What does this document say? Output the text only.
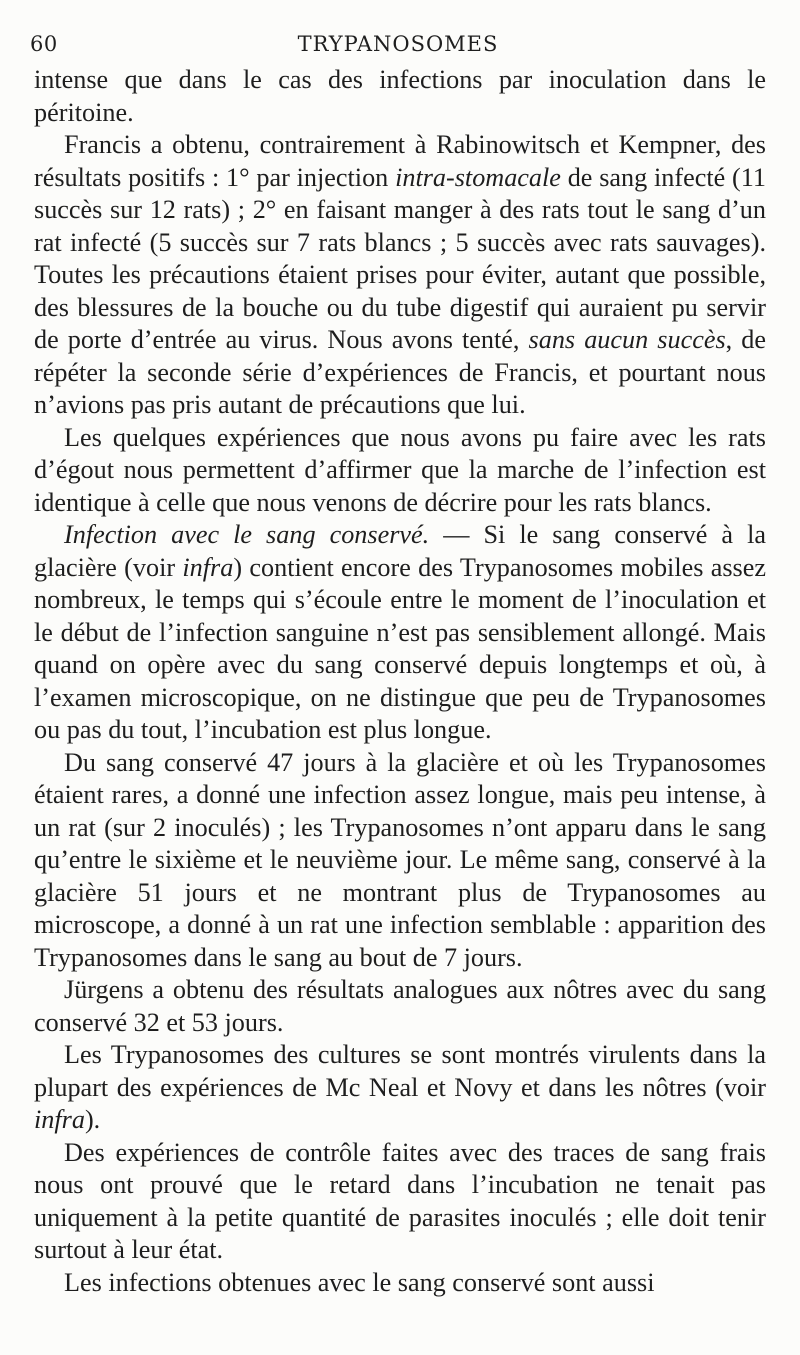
60	TRYPANOSOMES

intense que dans le cas des infections par inoculation dans le péritoine.

Francis a obtenu, contrairement à Rabinowitsch et Kempner, des résultats positifs : 1° par injection intra-stomacale de sang infecté (11 succès sur 12 rats) ; 2° en faisant manger à des rats tout le sang d’un rat infecté (5 succès sur 7 rats blancs ; 5 succès avec rats sauvages). Toutes les précautions étaient prises pour éviter, autant que possible, des blessures de la bouche ou du tube digestif qui auraient pu servir de porte d’entrée au virus. Nous avons tenté, sans aucun succès, de répéter la seconde série d’expériences de Francis, et pourtant nous n’avions pas pris autant de précautions que lui.

Les quelques expériences que nous avons pu faire avec les rats d’égout nous permettent d’affirmer que la marche de l’infection est identique à celle que nous venons de décrire pour les rats blancs.

Infection avec le sang conservé. — Si le sang conservé à la glacière (voir infra) contient encore des Trypanosomes mobiles assez nombreux, le temps qui s’écoule entre le moment de l’inoculation et le début de l’infection sanguine n’est pas sensiblement allongé. Mais quand on opère avec du sang conservé depuis longtemps et où, à l’examen microscopique, on ne distingue que peu de Trypanosomes ou pas du tout, l’incubation est plus longue.

Du sang conservé 47 jours à la glacière et où les Trypanosomes étaient rares, a donné une infection assez longue, mais peu intense, à un rat (sur 2 inoculés) ; les Trypanosomes n’ont apparu dans le sang qu’entre le sixième et le neuvième jour. Le même sang, conservé à la glacière 51 jours et ne montrant plus de Trypanosomes au microscope, a donné à un rat une infection semblable : apparition des Trypanosomes dans le sang au bout de 7 jours.

Jürgens a obtenu des résultats analogues aux nôtres avec du sang conservé 32 et 53 jours.

Les Trypanosomes des cultures se sont montrés virulents dans la plupart des expériences de Mc Neal et Novy et dans les nôtres (voir infra).

Des expériences de contrôle faites avec des traces de sang frais nous ont prouvé que le retard dans l’incubation ne tenait pas uniquement à la petite quantité de parasites inoculés ; elle doit tenir surtout à leur état.

Les infections obtenues avec le sang conservé sont aussi
